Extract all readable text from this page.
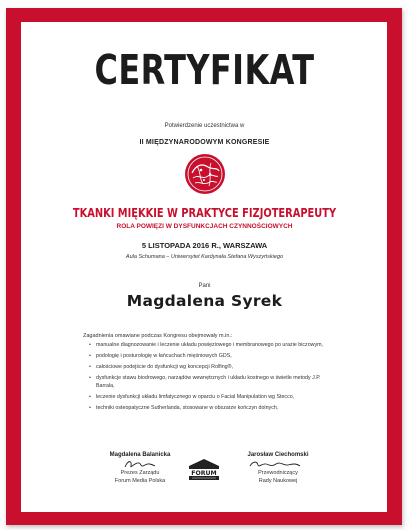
CERTYFIKAT
Potwierdzenie uczestnictwa w
II MIĘDZYNARODOWYM KONGRESIE
TKANKI MIĘKKIE W PRAKTYCE FIZJOTERAPEUTY
ROLA POWIĘZI W DYSFUNKCJACH CZYNNOŚCIOWYCH
5 LISTOPADA 2016 R., WARSZAWA
Aula Schumana – Uniwersytet Kardynała Stefana Wyszyńskiego
Pani
Magdalena Syrek
Zagadnienia omawiane podczas Kongresu obejmowały m.in.:
• manualne diagnozowanie i leczenie układu powięziowego i membranowego po urazie biczowym,
• podologię i posturologię w łańcuchach mięśniowych GDS,
• całościowe podejście do dysfunkcji wg koncepcji Rolfing®,
• dysfunkcje stawu biodrowego, narządów wewnętrznych i układu kostnego w świetle metody J.P. Barrala,
• leczenie dysfunkcji układu limfatycznego w oparciu o Facial Manipulation wg Stecco,
• techniki osteopatyczne Sutherlanda, stosowane w obszarze kończyn dolnych.
Magdalena Balanicka
Prezes Zarządu
Forum Media Polska
FORUM
Jarosław Ciechomski
Przewodniczący
Rady Naukowej
